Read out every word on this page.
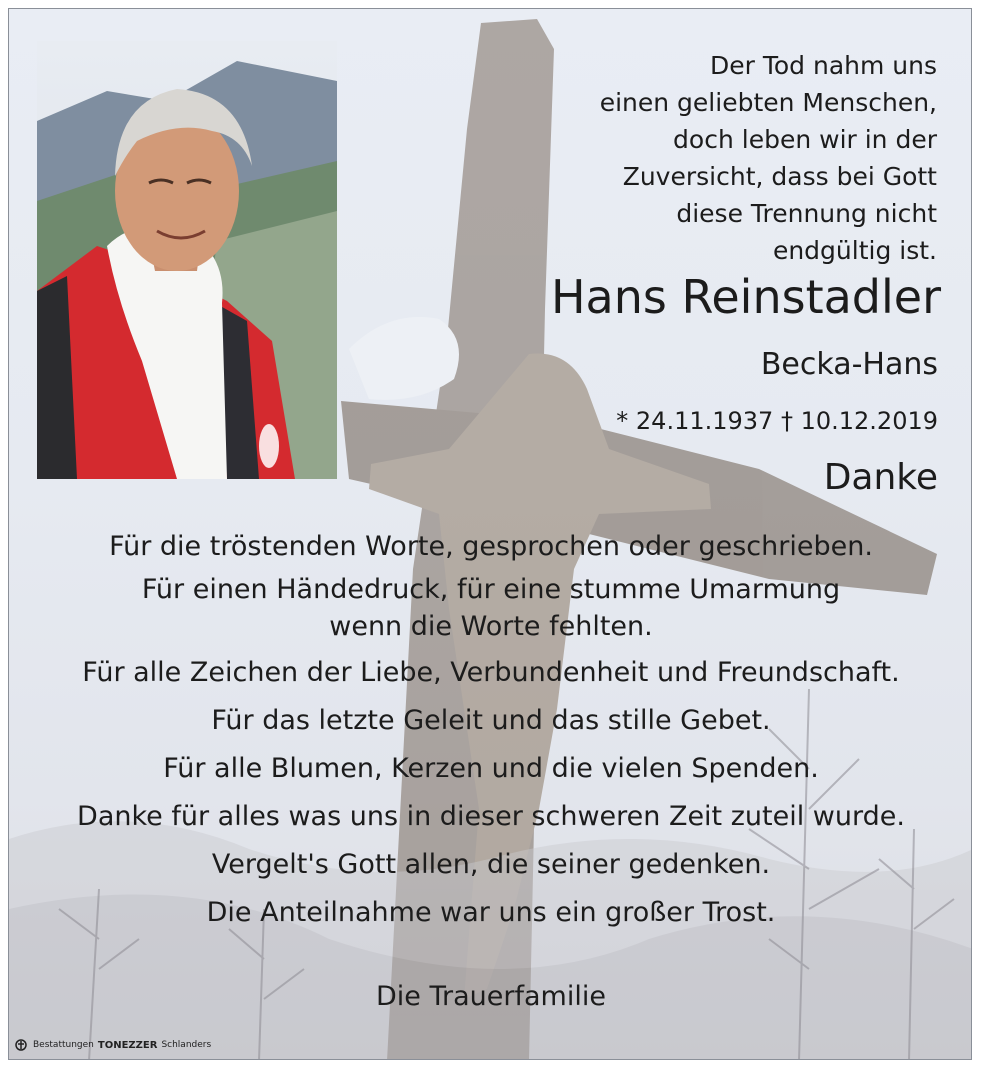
Der Tod nahm uns
einen geliebten Menschen,
doch leben wir in der
Zuversicht, dass bei Gott
diese Trennung nicht
endgültig ist.

Hans Reinstadler

Becka-Hans

* 24.11.1937 † 10.12.2019

Danke

Für die tröstenden Worte, gesprochen oder geschrieben.
Für einen Händedruck, für eine stumme Umarmung
wenn die Worte fehlten.
Für alle Zeichen der Liebe, Verbundenheit und Freundschaft.
Für das letzte Geleit und das stille Gebet.
Für alle Blumen, Kerzen und die vielen Spenden.
Danke für alles was uns in dieser schweren Zeit zuteil wurde.
Vergelt's Gott allen, die seiner gedenken.
Die Anteilnahme war uns ein großer Trost.

Die Trauerfamilie

Bestattungen TONEZZER Schlanders
